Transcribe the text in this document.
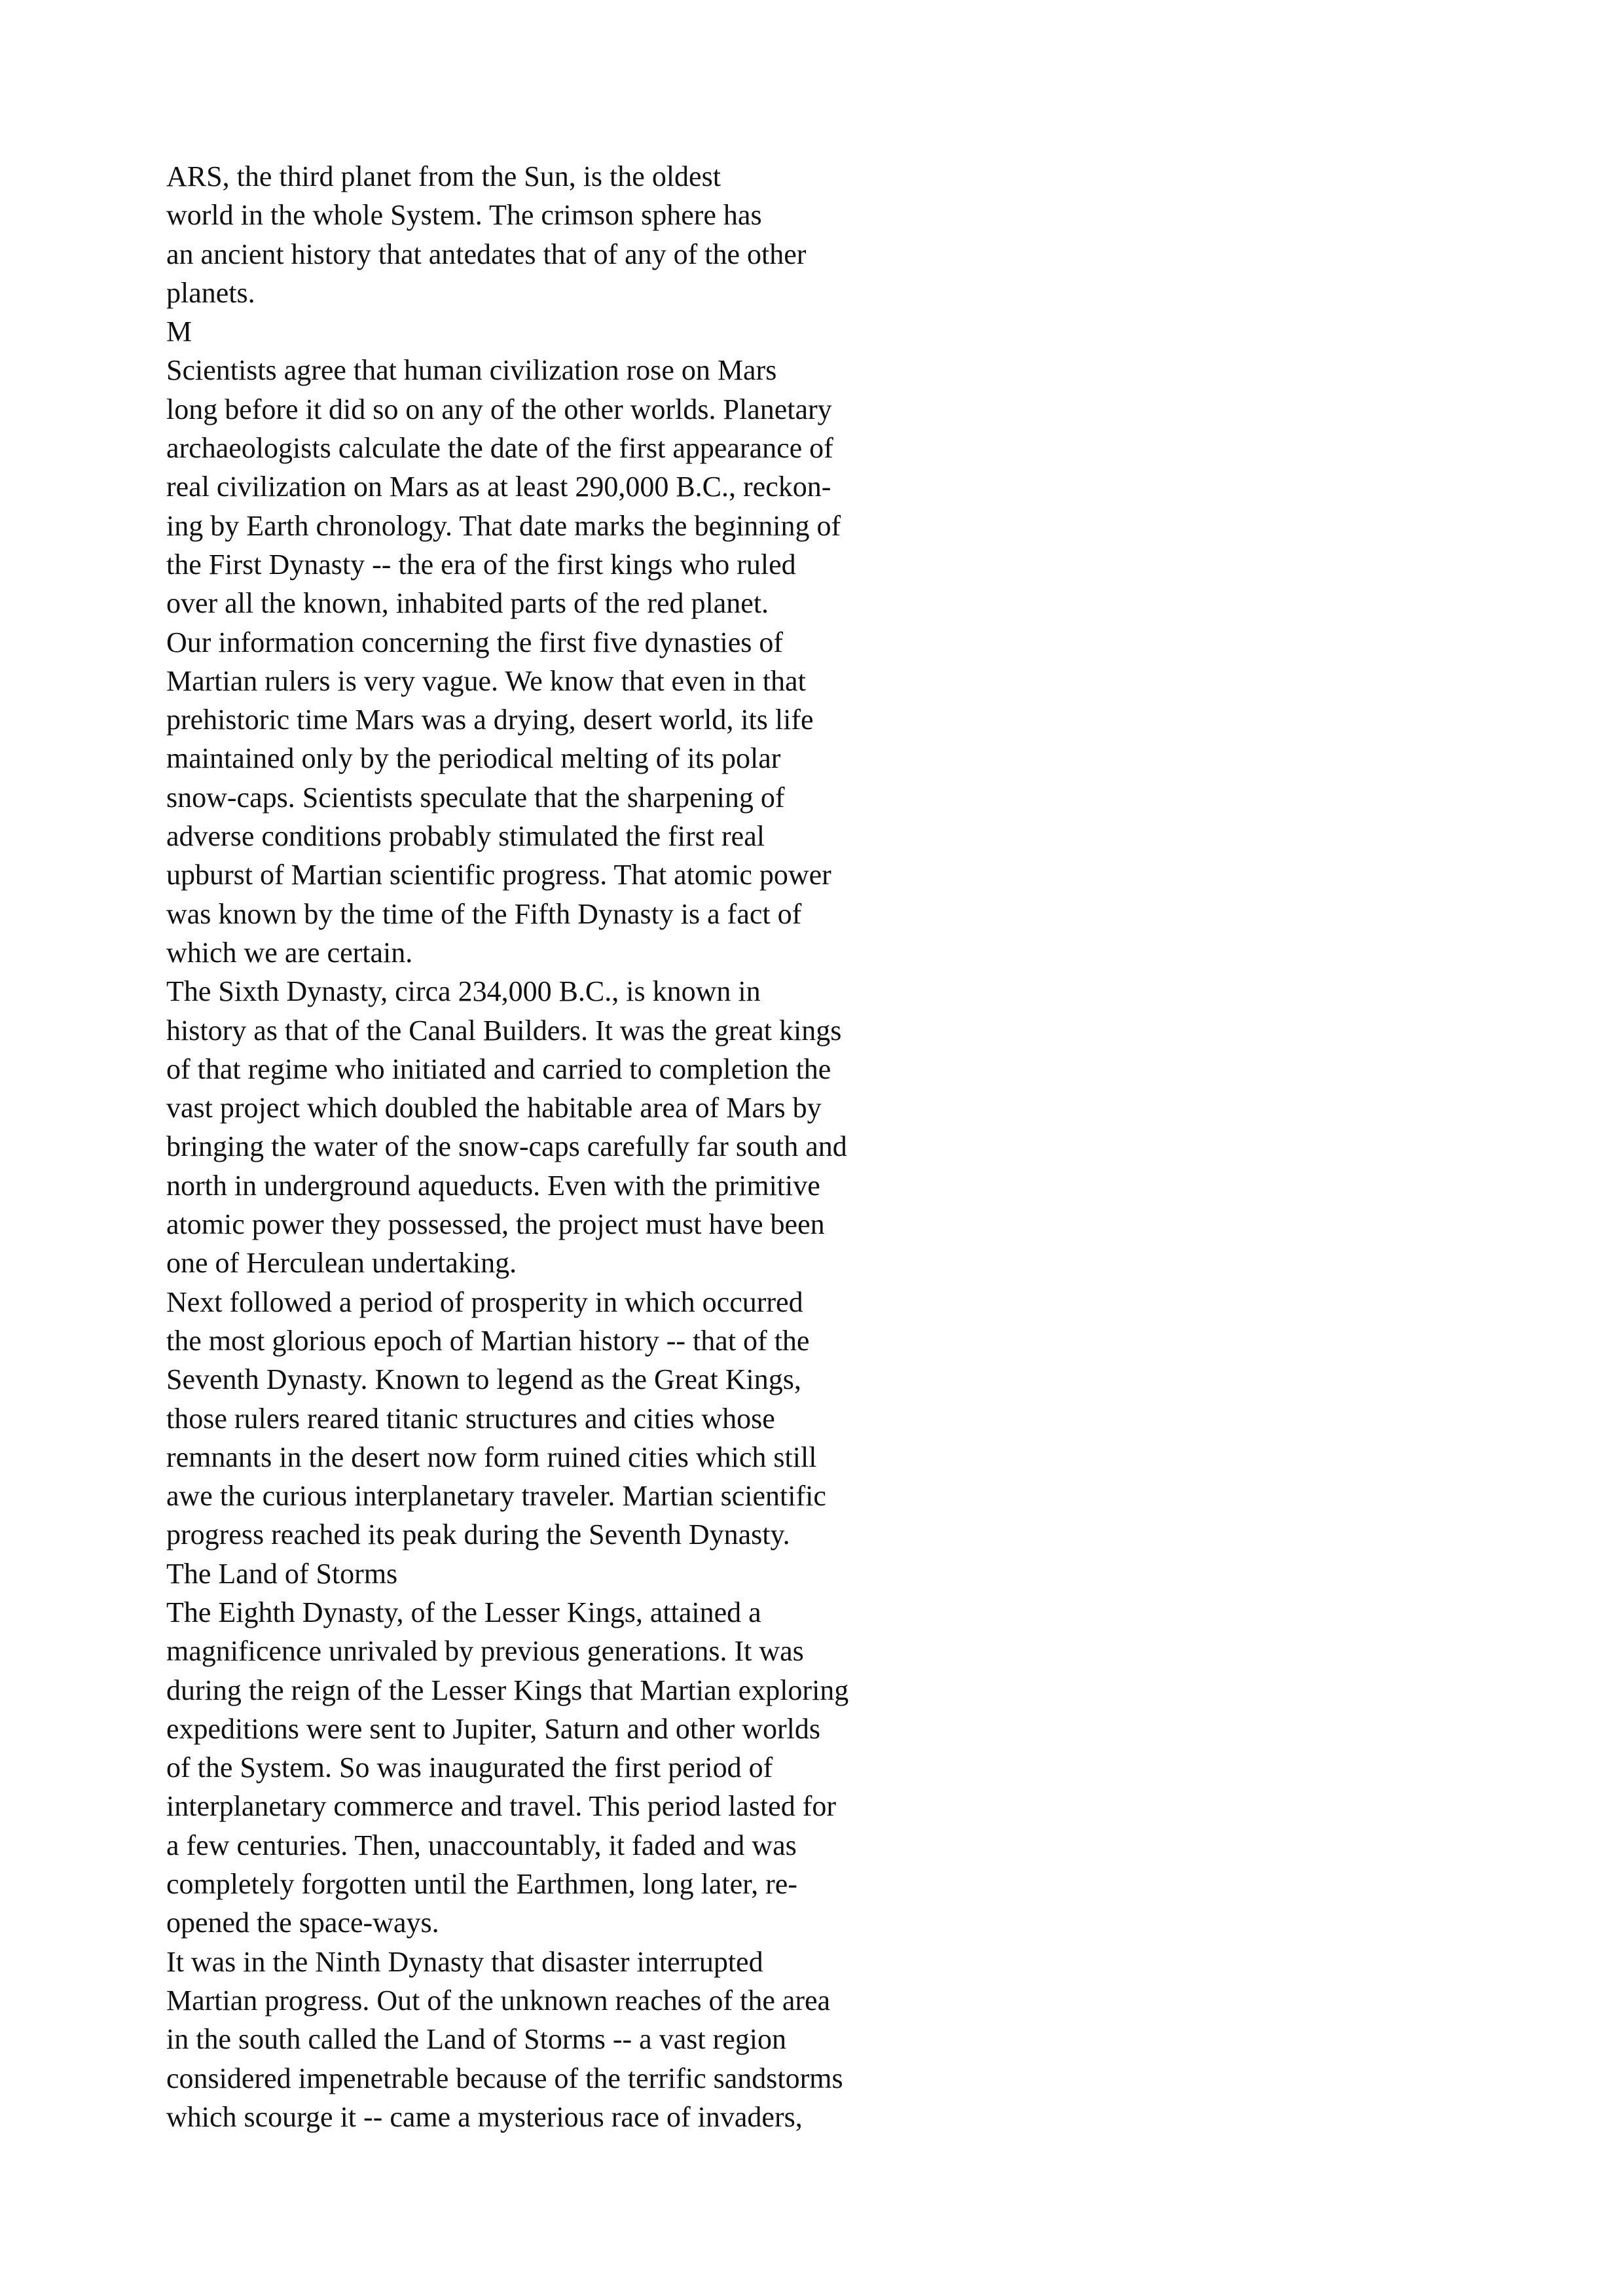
ARS, the third planet from the Sun, is the oldest
world in the whole System. The crimson sphere has
an ancient history that antedates that of any of the other
planets.
M
Scientists agree that human civilization rose on Mars
long before it did so on any of the other worlds. Planetary
archaeologists calculate the date of the first appearance of
real civilization on Mars as at least 290,000 B.C., reckon-
ing by Earth chronology. That date marks the beginning of
the First Dynasty -- the era of the first kings who ruled
over all the known, inhabited parts of the red planet.
Our information concerning the first five dynasties of
Martian rulers is very vague. We know that even in that
prehistoric time Mars was a drying, desert world, its life
maintained only by the periodical melting of its polar
snow-caps. Scientists speculate that the sharpening of
adverse conditions probably stimulated the first real
upburst of Martian scientific progress. That atomic power
was known by the time of the Fifth Dynasty is a fact of
which we are certain.
The Sixth Dynasty, circa 234,000 B.C., is known in
history as that of the Canal Builders. It was the great kings
of that regime who initiated and carried to completion the
vast project which doubled the habitable area of Mars by
bringing the water of the snow-caps carefully far south and
north in underground aqueducts. Even with the primitive
atomic power they possessed, the project must have been
one of Herculean undertaking.
Next followed a period of prosperity in which occurred
the most glorious epoch of Martian history -- that of the
Seventh Dynasty. Known to legend as the Great Kings,
those rulers reared titanic structures and cities whose
remnants in the desert now form ruined cities which still
awe the curious interplanetary traveler. Martian scientific
progress reached its peak during the Seventh Dynasty.
The Land of Storms
The Eighth Dynasty, of the Lesser Kings, attained a
magnificence unrivaled by previous generations. It was
during the reign of the Lesser Kings that Martian exploring
expeditions were sent to Jupiter, Saturn and other worlds
of the System. So was inaugurated the first period of
interplanetary commerce and travel. This period lasted for
a few centuries. Then, unaccountably, it faded and was
completely forgotten until the Earthmen, long later, re-
opened the space-ways.
It was in the Ninth Dynasty that disaster interrupted
Martian progress. Out of the unknown reaches of the area
in the south called the Land of Storms -- a vast region
considered impenetrable because of the terrific sandstorms
which scourge it -- came a mysterious race of invaders,
